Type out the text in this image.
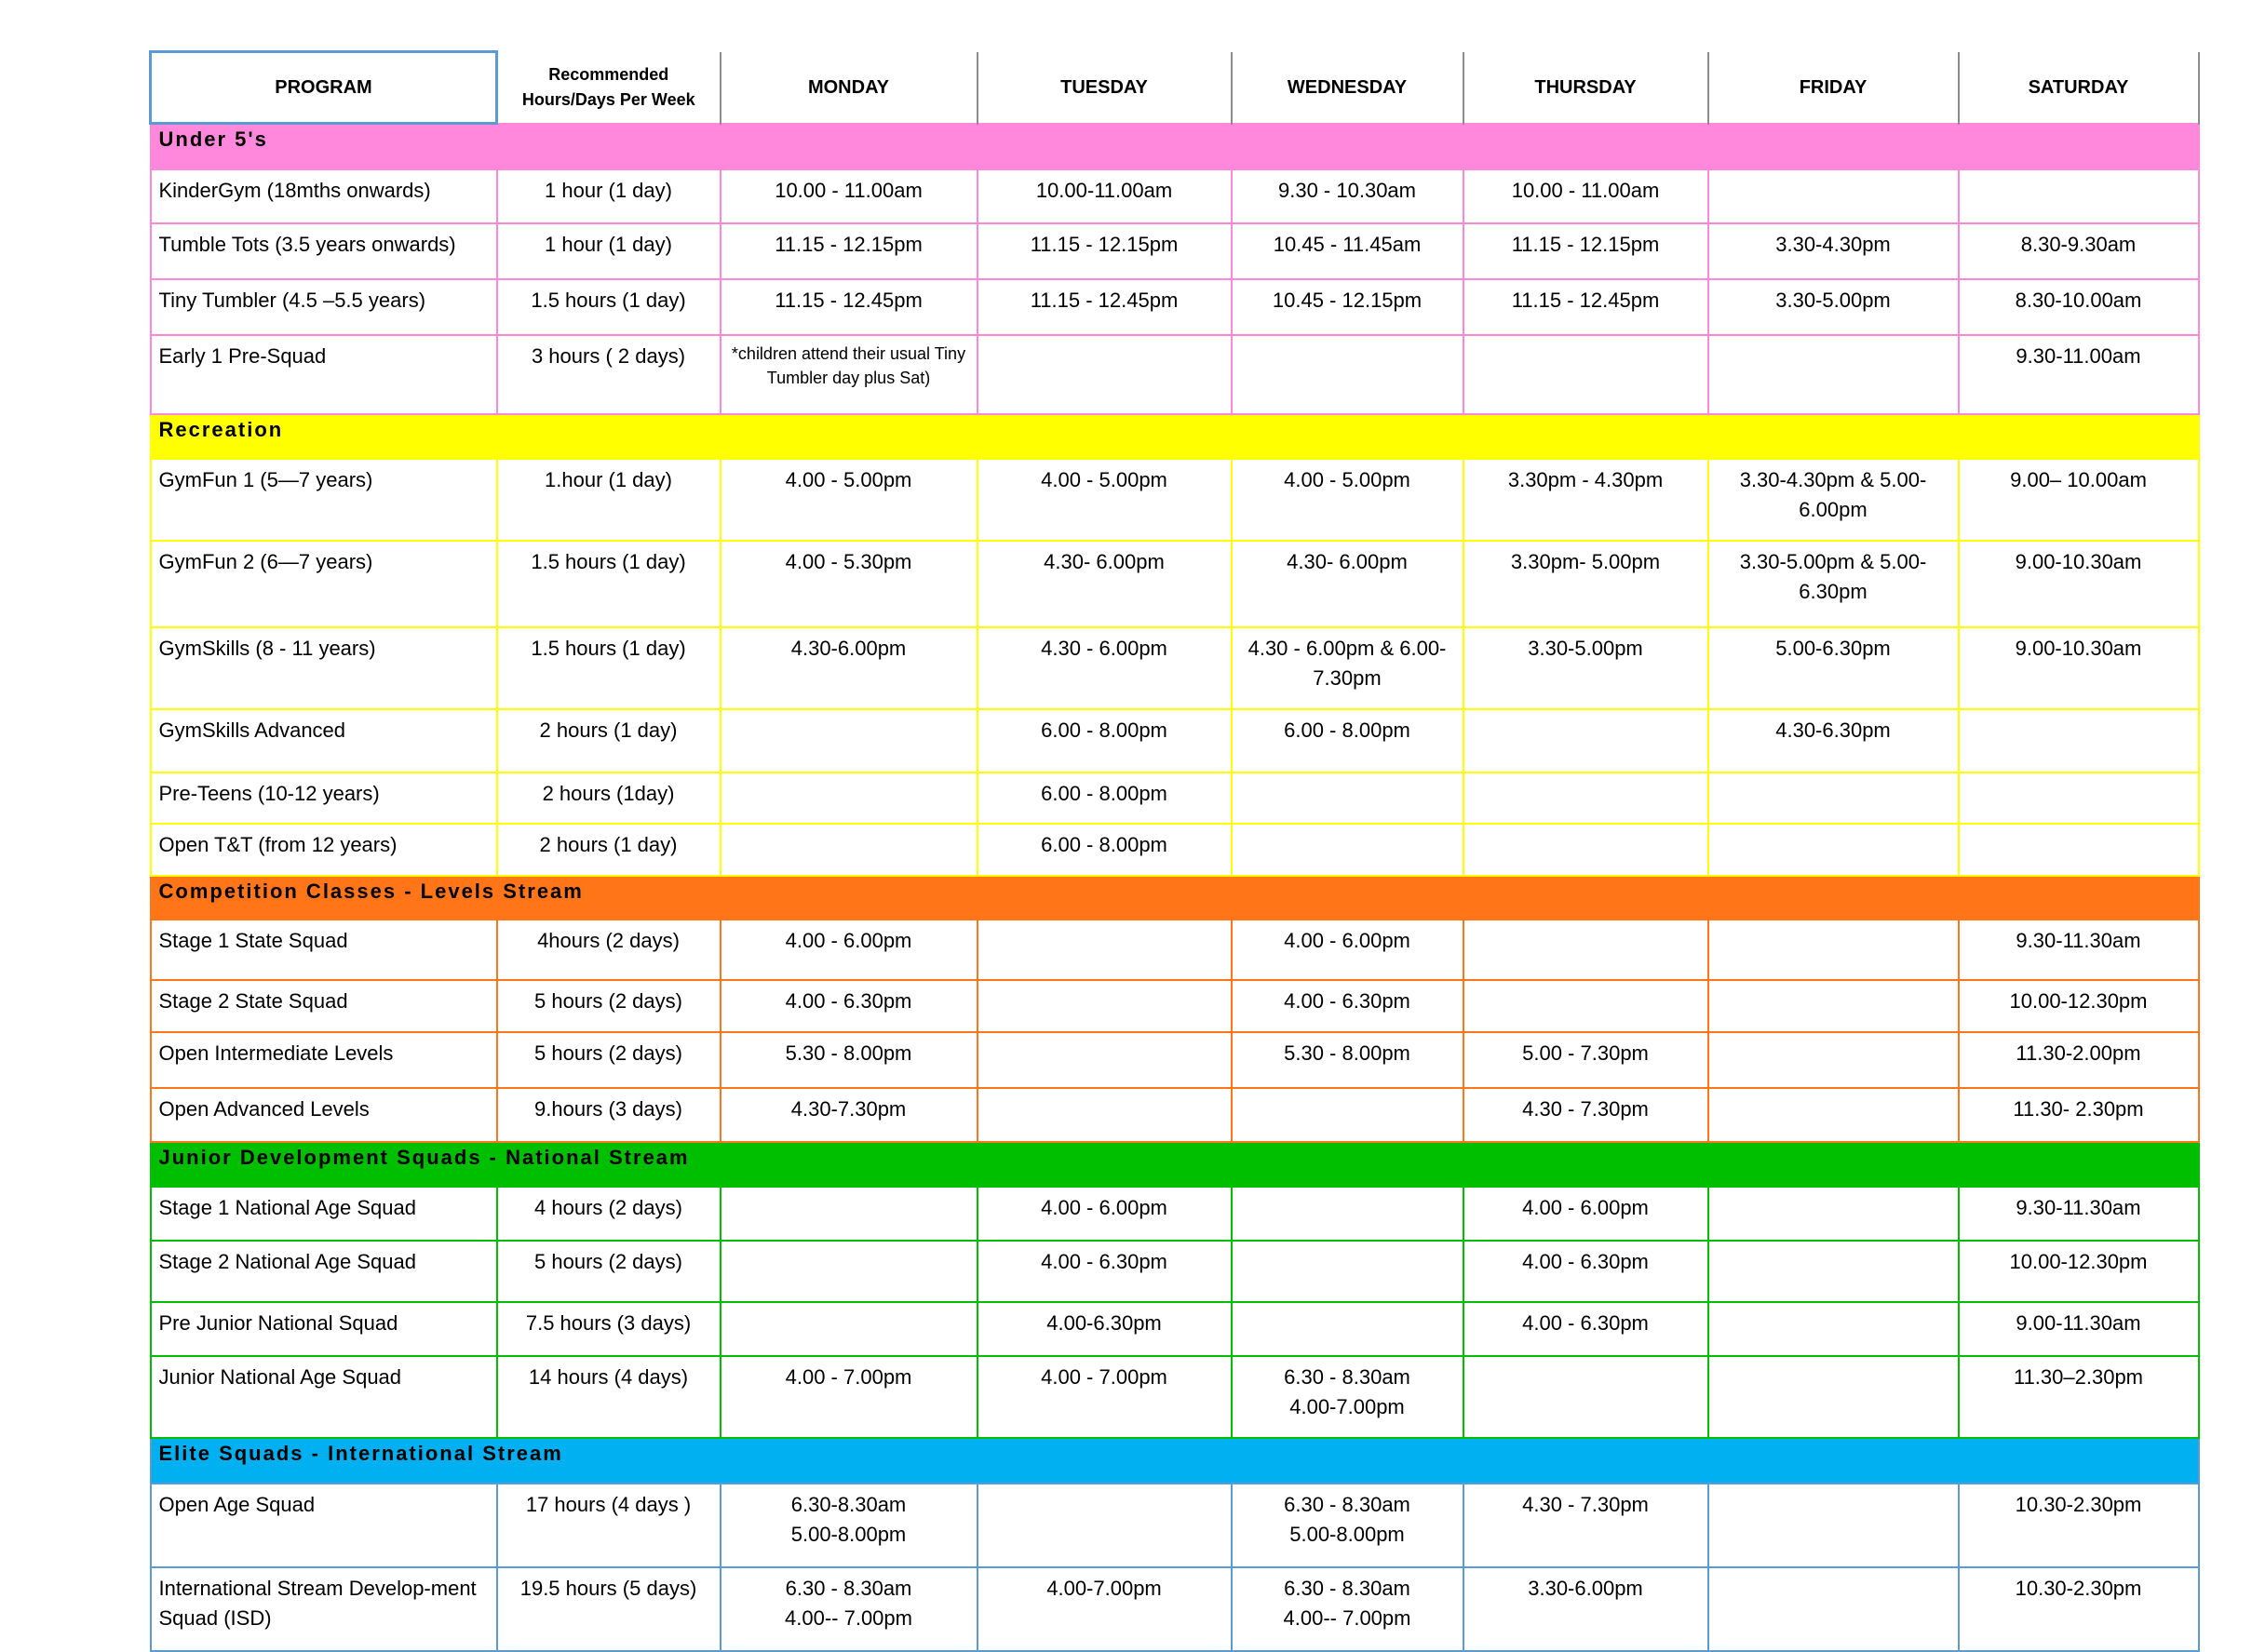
PROGRAM	Recommended Hours/Days Per Week	MONDAY	TUESDAY	WEDNESDAY	THURSDAY	FRIDAY	SATURDAY
Under 5's							

KinderGym (18mths onwards)	1 hour (1 day)	10.00 - 11.00am	10.00-11.00am	9.30 - 10.30am	10.00 - 11.00am		

Tumble Tots (3.5 years onwards)	1 hour (1 day)	11.15 - 12.15pm	11.15 - 12.15pm	10.45 - 11.45am	11.15 - 12.15pm	3.30-4.30pm	8.30-9.30am

Tiny Tumbler (4.5 –5.5 years)	1.5 hours (1 day)	11.15 - 12.45pm	11.15 - 12.45pm	10.45 - 12.15pm	11.15 - 12.45pm	3.30-5.00pm	8.30-10.00am

Early 1 Pre-Squad	3 hours ( 2 days)	*children attend their usual Tiny Tumbler day plus Sat)					9.30-11.00am

Recreation							

GymFun 1 (5—7 years)	1.hour (1 day)	4.00 - 5.00pm	4.00 - 5.00pm	4.00 - 5.00pm	3.30pm - 4.30pm	3.30-4.30pm & 5.00-6.00pm	9.00– 10.00am

GymFun 2 (6—7 years)	1.5 hours (1 day)	4.00 - 5.30pm	4.30- 6.00pm	4.30- 6.00pm	3.30pm- 5.00pm	3.30-5.00pm & 5.00-6.30pm	9.00-10.30am

GymSkills (8 - 11 years)	1.5 hours (1 day)	4.30-6.00pm	4.30 - 6.00pm	4.30 - 6.00pm & 6.00-7.30pm	3.30-5.00pm	5.00-6.30pm	9.00-10.30am

GymSkills Advanced	2 hours (1 day)		6.00 - 8.00pm	6.00 - 8.00pm		4.30-6.30pm	

Pre-Teens (10-12 years)	2 hours (1day)		6.00 - 8.00pm				

Open T&T (from 12 years)	2 hours (1 day)		6.00 - 8.00pm				

Competition Classes - Levels Stream							

Stage 1 State Squad	4hours (2 days)	4.00 - 6.00pm		4.00 - 6.00pm			9.30-11.30am

Stage 2 State Squad	5 hours (2 days)	4.00 - 6.30pm		4.00 - 6.30pm			10.00-12.30pm

Open Intermediate Levels	5 hours (2 days)	5.30 - 8.00pm		5.30 - 8.00pm	5.00 - 7.30pm		11.30-2.00pm

Open Advanced Levels	9.hours (3 days)	4.30-7.30pm			4.30 - 7.30pm		11.30- 2.30pm

Junior Development Squads - National Stream							

Stage 1 National Age Squad	4 hours (2 days)		4.00 - 6.00pm		4.00 - 6.00pm		9.30-11.30am

Stage 2 National Age Squad	5 hours (2 days)		4.00 - 6.30pm		4.00 - 6.30pm		10.00-12.30pm

Pre Junior National Squad	7.5 hours (3 days)		4.00-6.30pm		4.00 - 6.30pm		9.00-11.30am

Junior National Age Squad	14 hours (4 days)	4.00 - 7.00pm	4.00 - 7.00pm	6.30 - 8.30am
4.00-7.00pm			11.30–2.30pm

Elite Squads - International Stream							

Open Age Squad	17 hours (4 days )	6.30-8.30am
5.00-8.00pm		6.30 - 8.30am
5.00-8.00pm	4.30 - 7.30pm		10.30-2.30pm

International Stream Develop-ment Squad (ISD)	19.5 hours (5 days)	6.30 - 8.30am
4.00-- 7.00pm	4.00-7.00pm	6.30 - 8.30am
4.00-- 7.00pm	3.30-6.00pm		10.30-2.30pm
